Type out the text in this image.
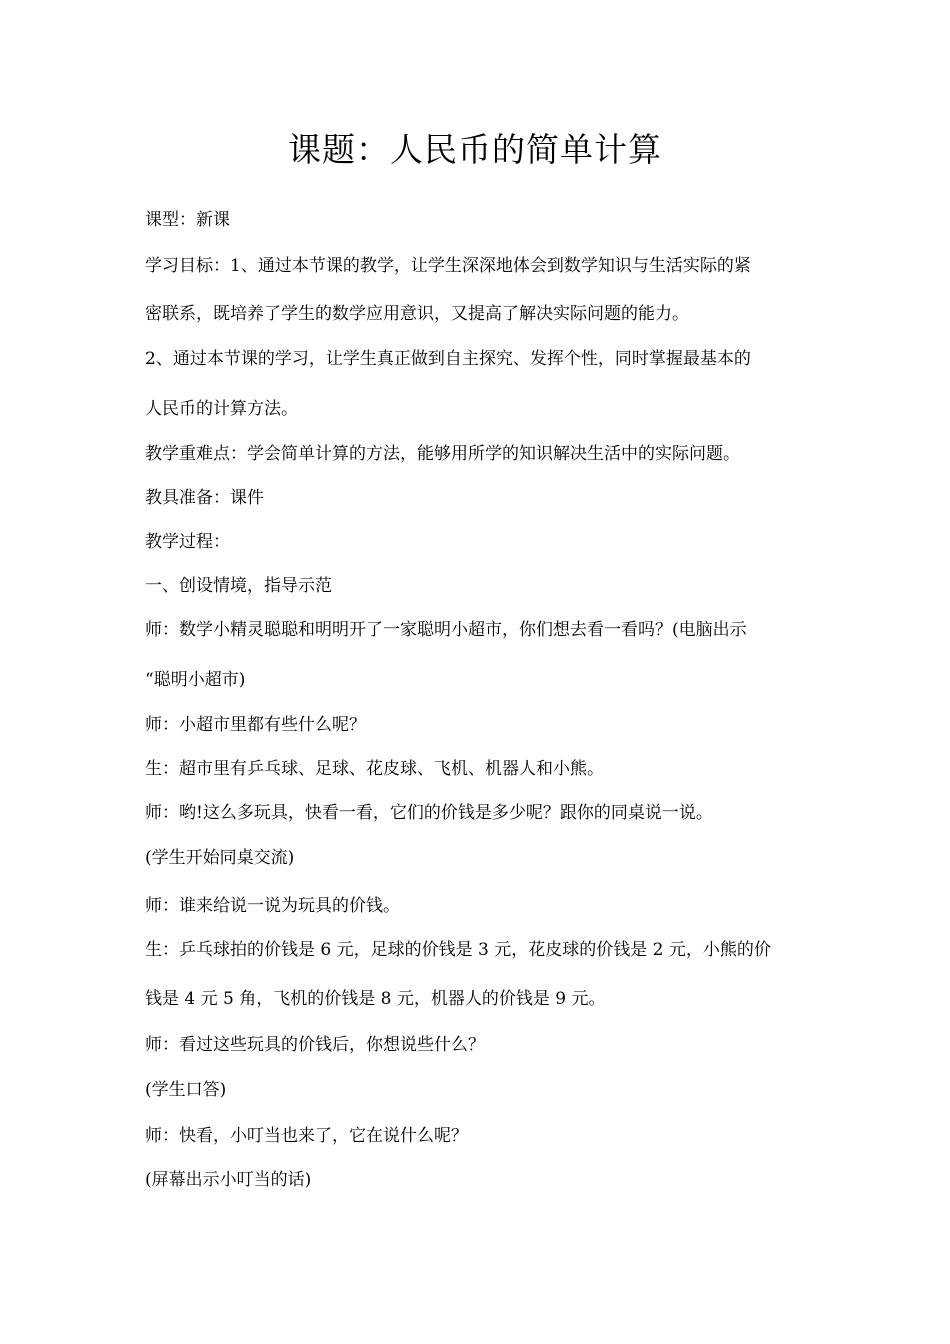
课题：人民币的简单计算
课型：新课
学习目标：1、通过本节课的教学，让学生深深地体会到数学知识与生活实际的紧
密联系，既培养了学生的数学应用意识，又提高了解决实际问题的能力。
2、通过本节课的学习，让学生真正做到自主探究、发挥个性，同时掌握最基本的
人民币的计算方法。
教学重难点：学会简单计算的方法，能够用所学的知识解决生活中的实际问题。
教具准备：课件
教学过程：
一、创设情境，指导示范
师：数学小精灵聪聪和明明开了一家聪明小超市，你们想去看一看吗？(电脑出示
“聪明小超市)
师：小超市里都有些什么呢？
生：超市里有乒乓球、足球、花皮球、飞机、机器人和小熊。
师：哟!这么多玩具，快看一看，它们的价钱是多少呢？跟你的同桌说一说。
(学生开始同桌交流)
师：谁来给说一说为玩具的价钱。
生：乒乓球拍的价钱是 6 元，足球的价钱是 3 元，花皮球的价钱是 2 元，小熊的价
钱是 4 元 5 角，飞机的价钱是 8 元，机器人的价钱是 9 元。
师：看过这些玩具的价钱后，你想说些什么？
(学生口答)
师：快看，小叮当也来了，它在说什么呢？
(屏幕出示小叮当的话)
